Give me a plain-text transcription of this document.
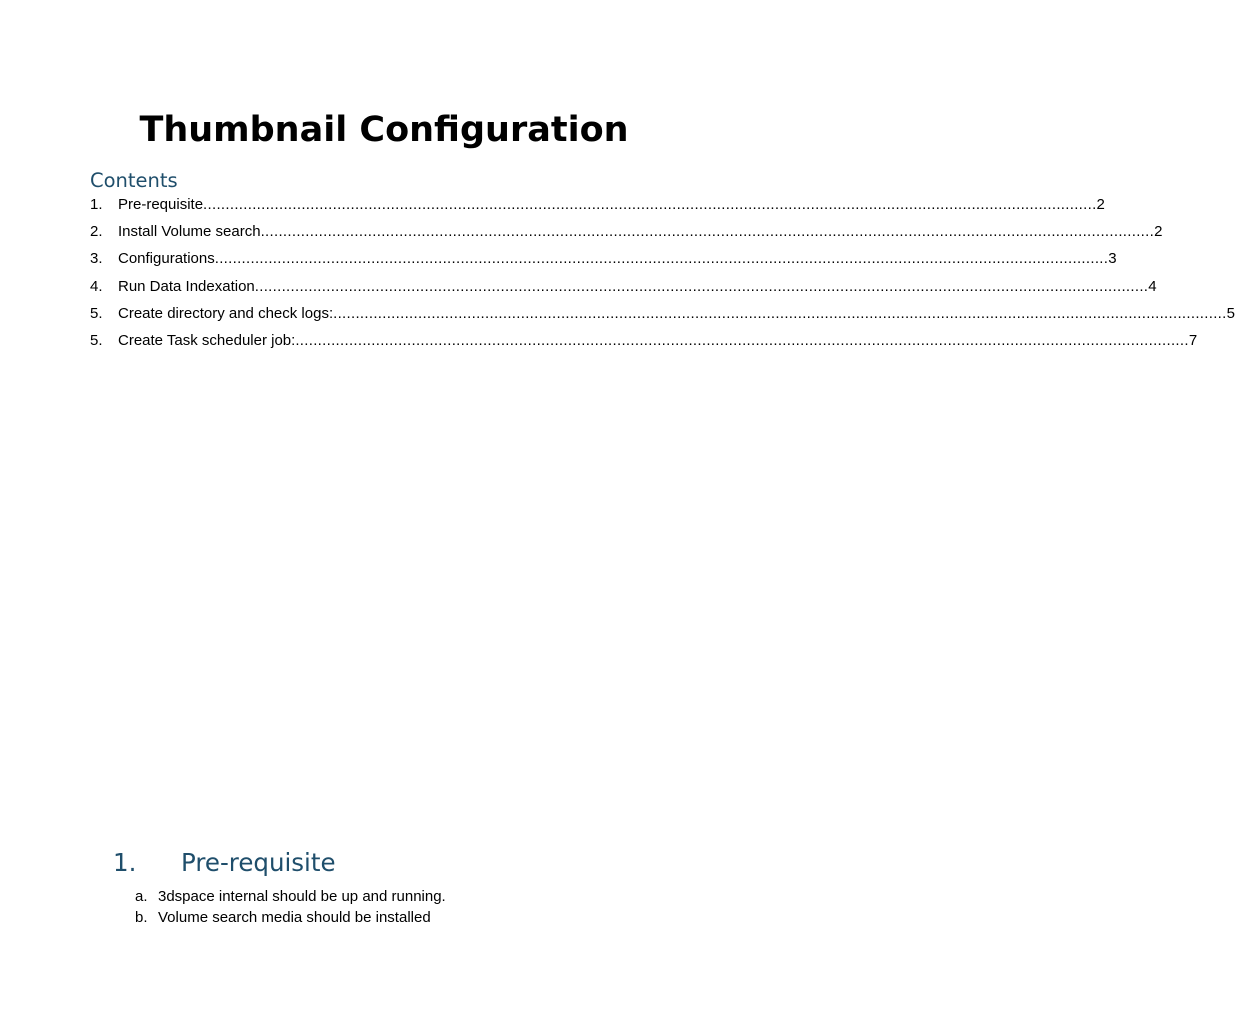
Thumbnail Configuration
Contents
1.	Pre-requisite ........................................................................................................................................................................................................ 2
2.	Install Volume search ........................................................................................................................................................................................................ 2
3.	Configurations ........................................................................................................................................................................................................ 3
4.	Run Data Indexation ........................................................................................................................................................................................................ 4
5.	Create directory and check logs: ........................................................................................................................................................................................................ 5
5.	Create Task scheduler job: ........................................................................................................................................................................................................ 7
1. Pre-requisite
a. 3dspace internal should be up and running.
b. Volume search media should be installed
